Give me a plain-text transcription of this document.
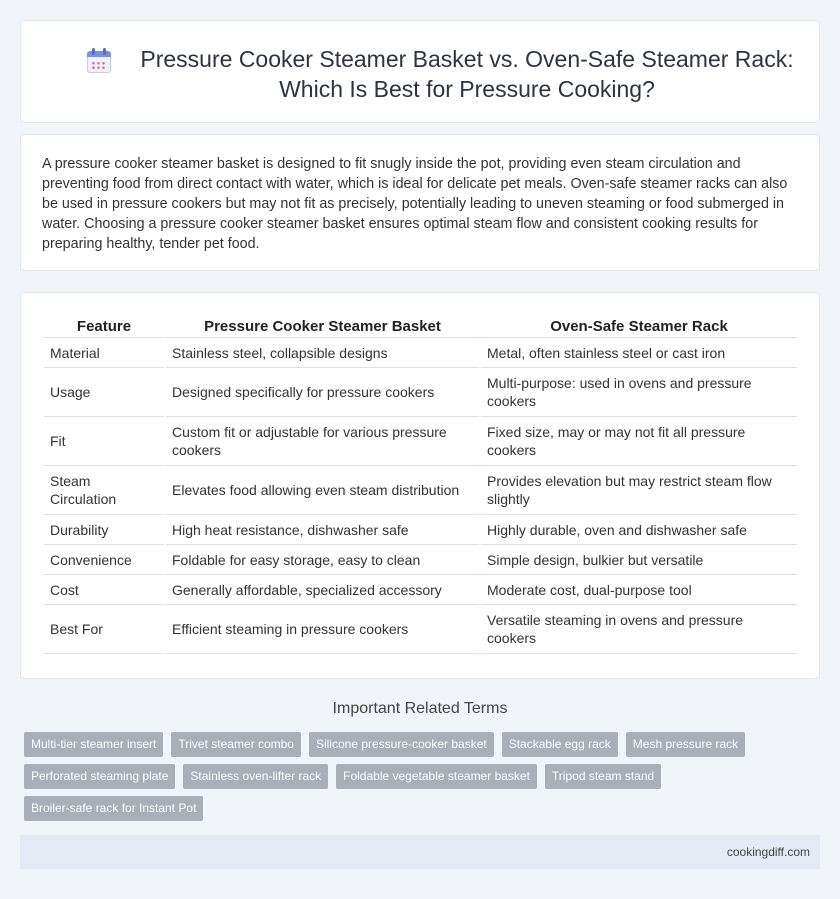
Pressure Cooker Steamer Basket vs. Oven-Safe Steamer Rack: Which Is Best for Pressure Cooking?

A pressure cooker steamer basket is designed to fit snugly inside the pot, providing even steam circulation and preventing food from direct contact with water, which is ideal for delicate pet meals. Oven-safe steamer racks can also be used in pressure cookers but may not fit as precisely, potentially leading to uneven steaming or food submerged in water. Choosing a pressure cooker steamer basket ensures optimal steam flow and consistent cooking results for preparing healthy, tender pet food.

Feature	Pressure Cooker Steamer Basket	Oven-Safe Steamer Rack
Material	Stainless steel, collapsible designs	Metal, often stainless steel or cast iron
Usage	Designed specifically for pressure cookers	Multi-purpose: used in ovens and pressure cookers
Fit	Custom fit or adjustable for various pressure cookers	Fixed size, may or may not fit all pressure cookers
Steam Circulation	Elevates food allowing even steam distribution	Provides elevation but may restrict steam flow slightly
Durability	High heat resistance, dishwasher safe	Highly durable, oven and dishwasher safe
Convenience	Foldable for easy storage, easy to clean	Simple design, bulkier but versatile
Cost	Generally affordable, specialized accessory	Moderate cost, dual-purpose tool
Best For	Efficient steaming in pressure cookers	Versatile steaming in ovens and pressure cookers
Important Related Terms
Multi-tier steamer insert	Trivet steamer combo	Silicone pressure-cooker basket	Stackable egg rack	Mesh pressure rack
Perforated steaming plate	Stainless oven-lifter rack	Foldable vegetable steamer basket	Tripod steam stand
Broiler-safe rack for Instant Pot
cookingdiff.com
